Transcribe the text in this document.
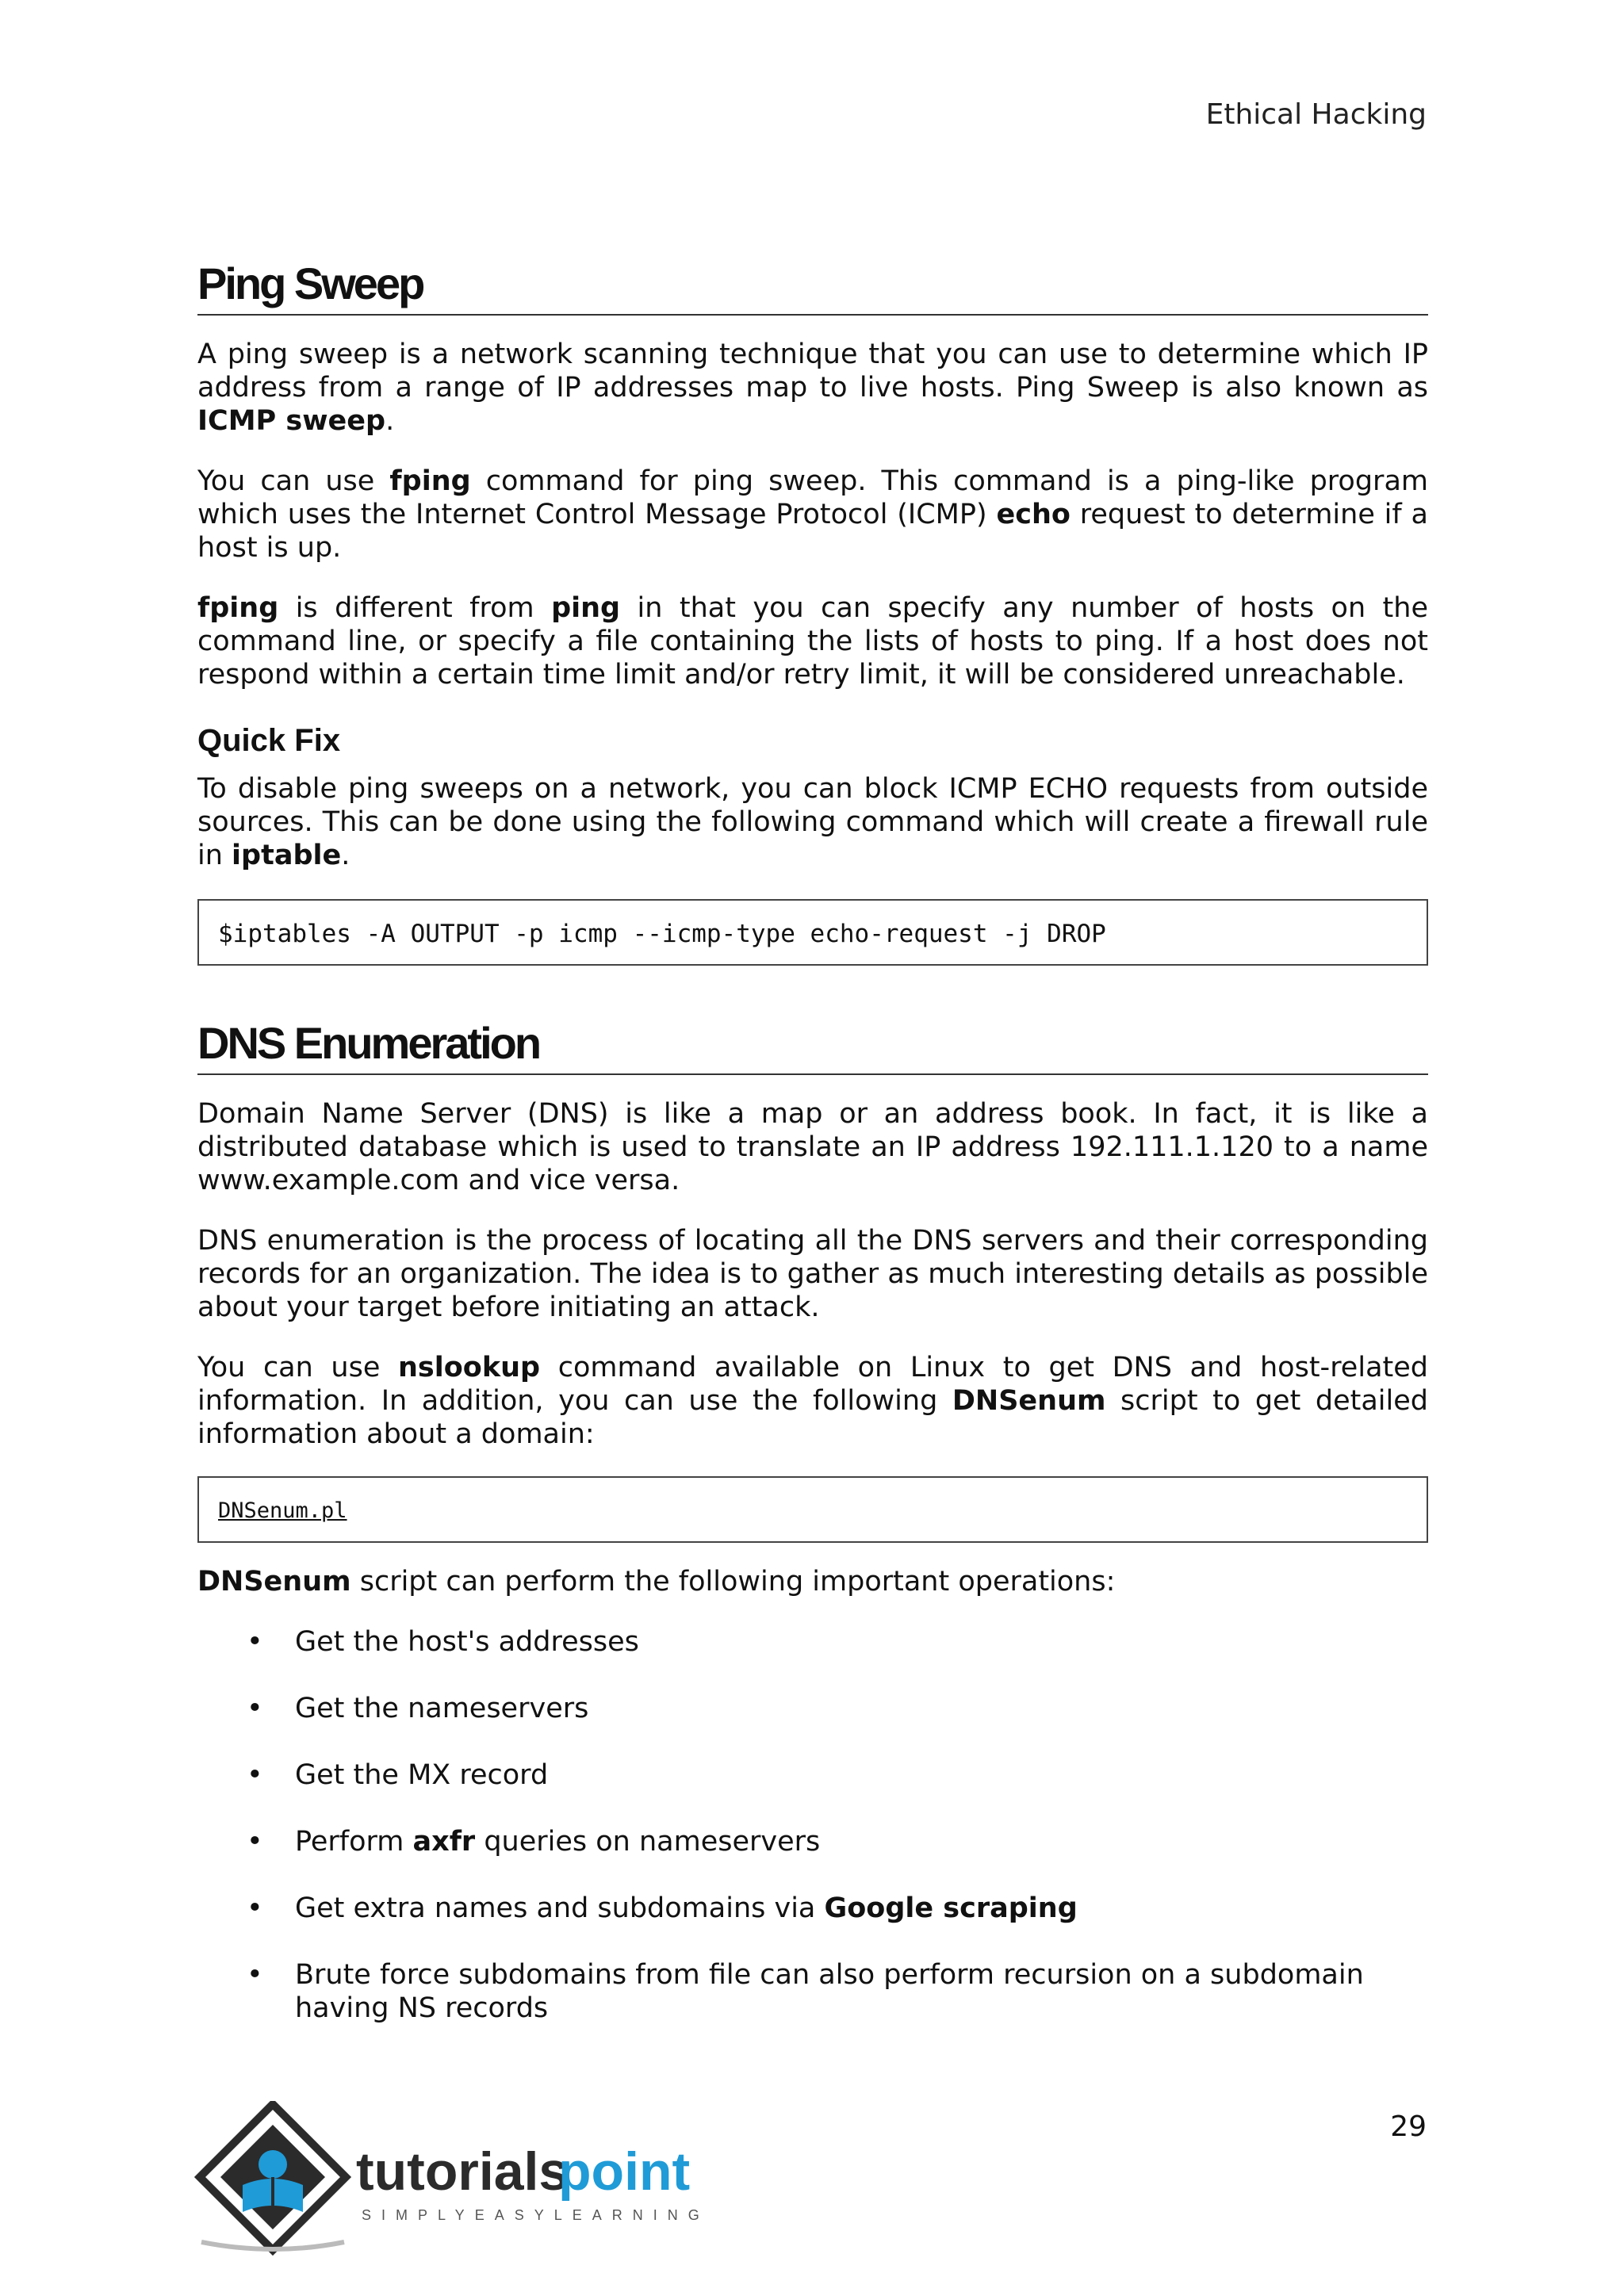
Ethical Hacking
Ping Sweep

A ping sweep is a network scanning technique that you can use to determine which IP address from a range of IP addresses map to live hosts. Ping Sweep is also known as ICMP sweep.

You can use fping command for ping sweep. This command is a ping-like program which uses the Internet Control Message Protocol (ICMP) echo request to determine if a host is up.

fping is different from ping in that you can specify any number of hosts on the command line, or specify a file containing the lists of hosts to ping. If a host does not respond within a certain time limit and/or retry limit, it will be considered unreachable.

Quick Fix

To disable ping sweeps on a network, you can block ICMP ECHO requests from outside sources. This can be done using the following command which will create a firewall rule in iptable.

$iptables -A OUTPUT -p icmp --icmp-type echo-request -j DROP
DNS Enumeration

Domain Name Server (DNS) is like a map or an address book. In fact, it is like a distributed database which is used to translate an IP address 192.111.1.120 to a name www.example.com and vice versa.

DNS enumeration is the process of locating all the DNS servers and their corresponding records for an organization. The idea is to gather as much interesting details as possible about your target before initiating an attack.

You can use nslookup command available on Linux to get DNS and host-related information. In addition, you can use the following DNSenum script to get detailed information about a domain:

DNSenum.pl

DNSenum script can perform the following important operations:

• Get the host's addresses
• Get the nameservers
• Get the MX record
• Perform axfr queries on nameservers
• Get extra names and subdomains via Google scraping
• Brute force subdomains from file can also perform recursion on a subdomain having NS records
29
tutorials
point
SIMPLYEASYLEARNING
